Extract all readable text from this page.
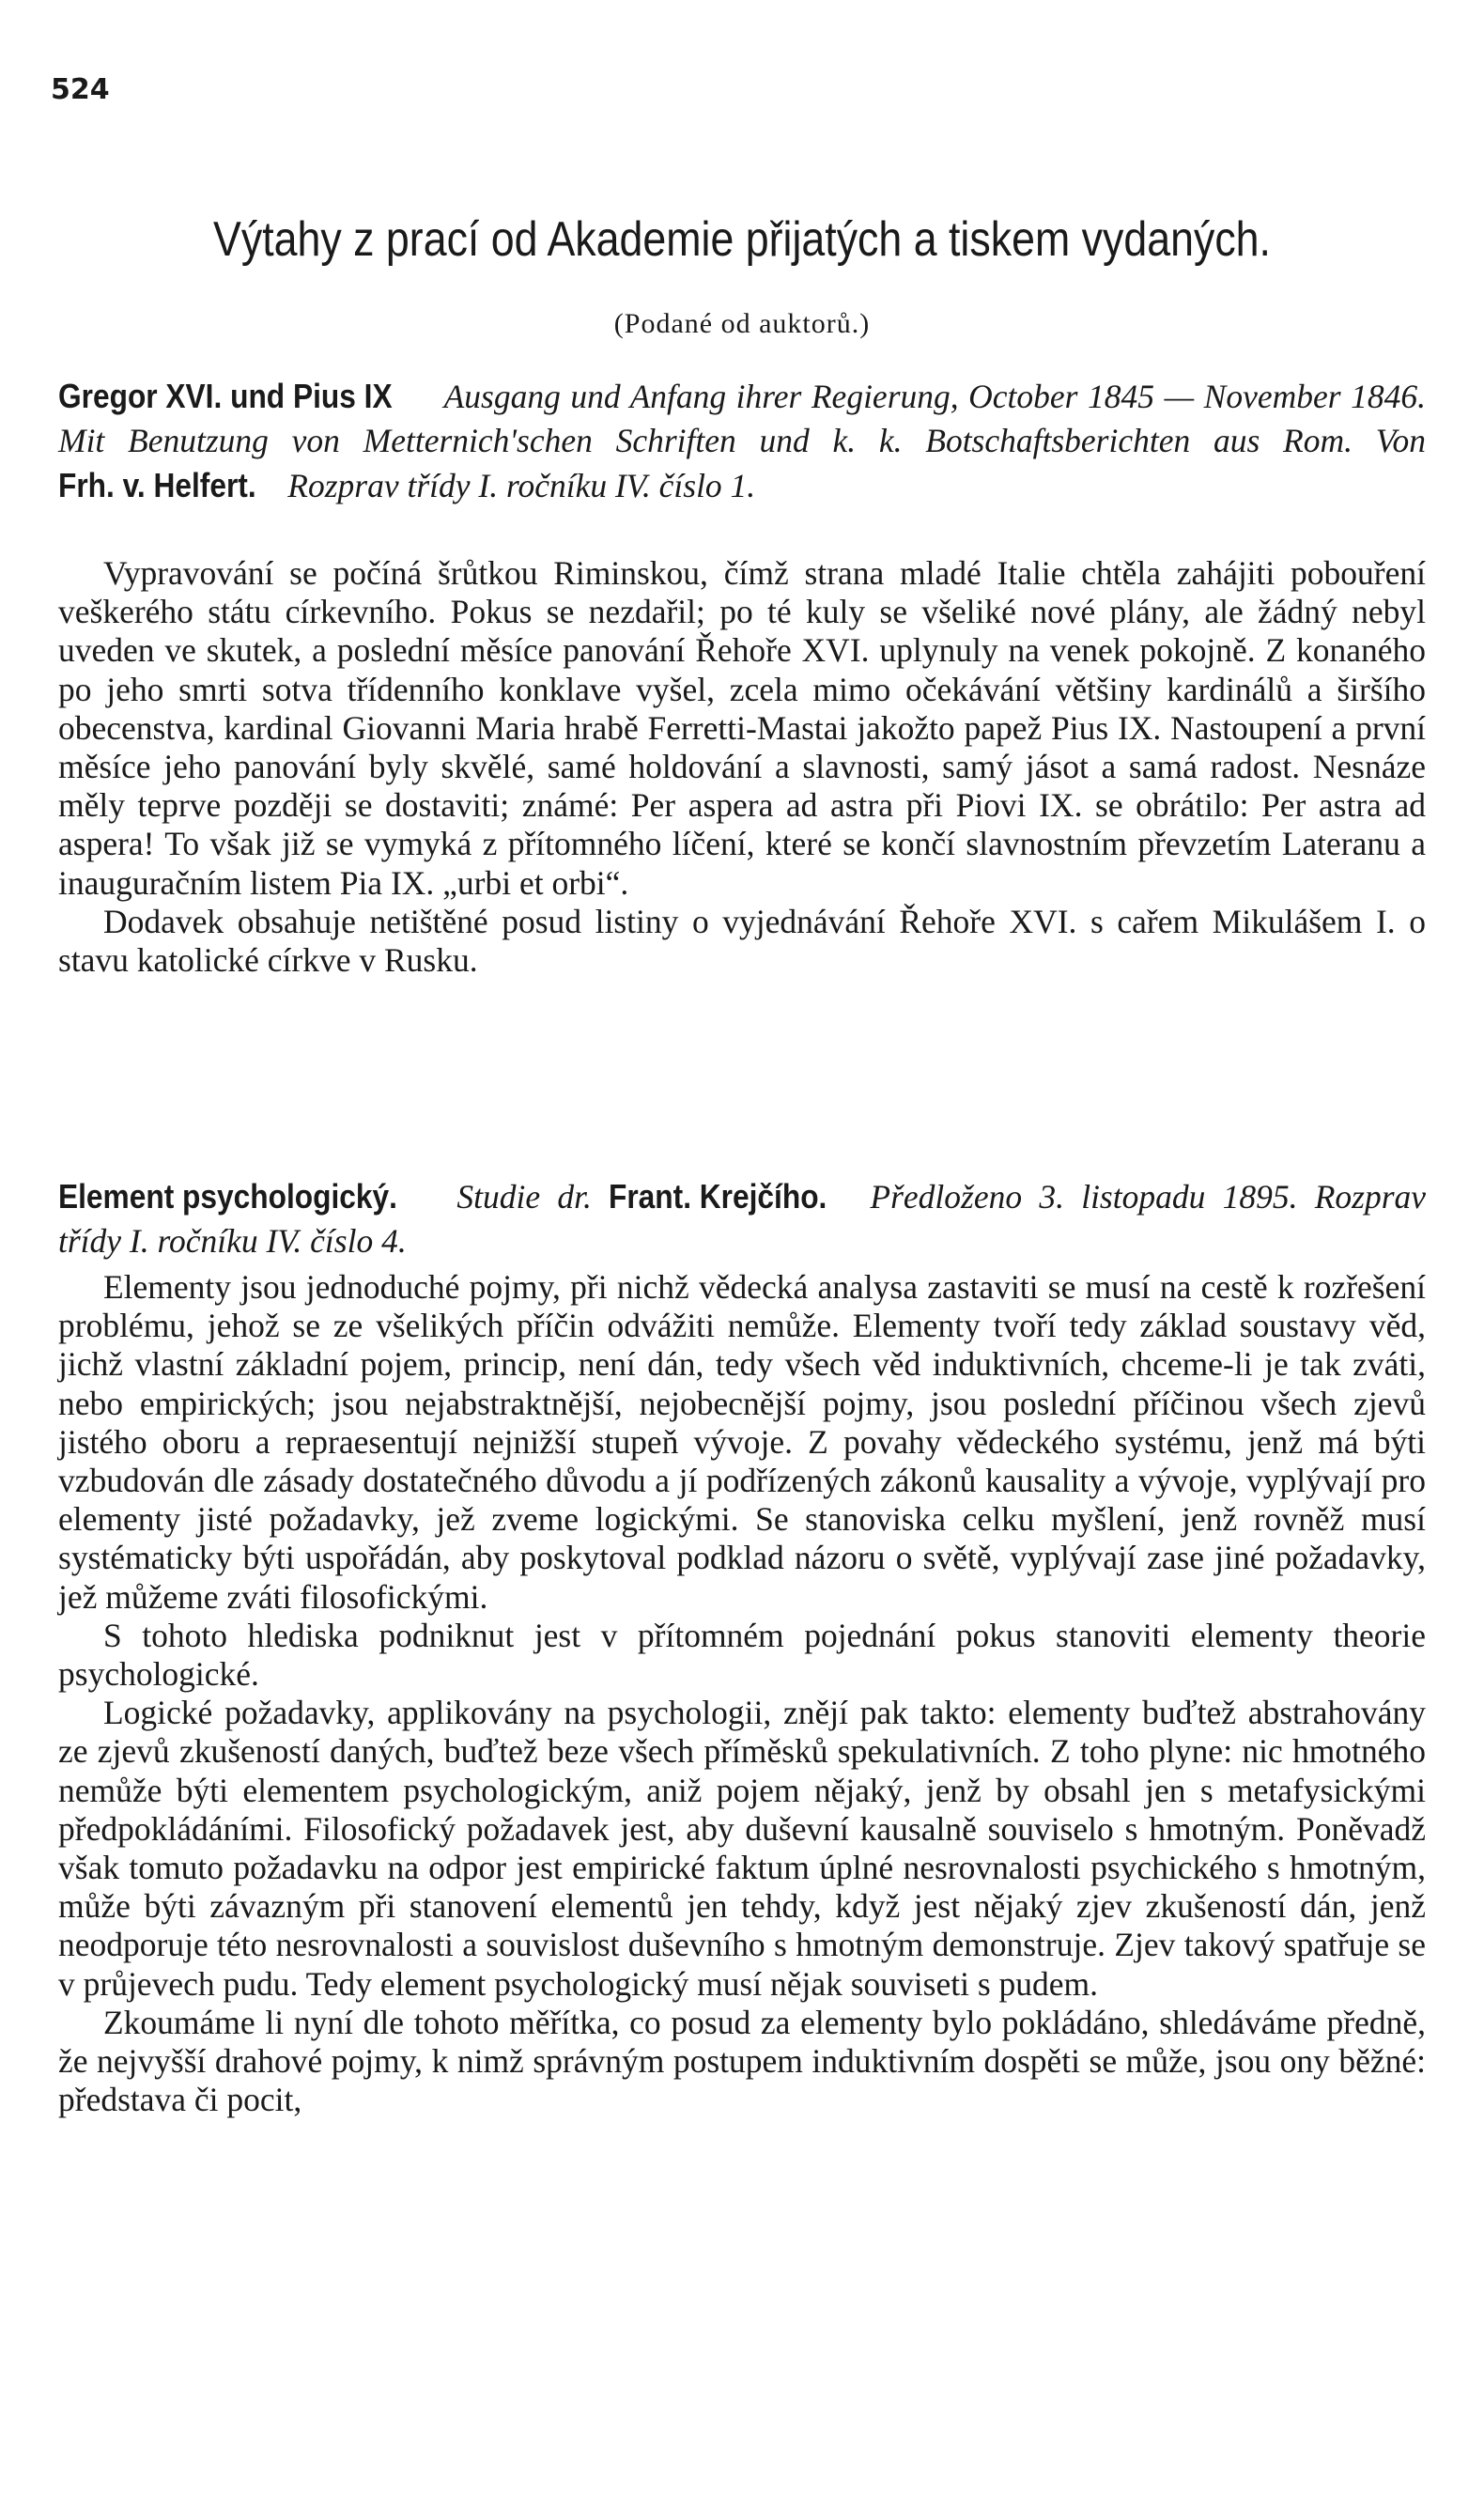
524
Výtahy z prací od Akademie přijatých a tiskem vydaných.
(Podané od auktorů.)

Gregor XVI. und Pius IX Ausgang und Anfang ihrer Regierung, October 1845 — November 1846. Mit Benutzung von Metternich'schen Schriften und k. k. Botschaftsberichten aus Rom. Von Frh. v. Helfert. Rozprav třídy I. ročníku IV. číslo 1.

Vypravování se počíná šrůtkou Riminskou, čímž strana mladé Italie chtěla zahájiti pobouření veškerého státu církevního. Pokus se nezdařil; po té kuly se všeliké nové plány, ale žádný nebyl uveden ve skutek, a poslední měsíce panování Řehoře XVI. uplynuly na venek pokojně. Z konaného po jeho smrti sotva třídenního konklave vyšel, zcela mimo očekávání většiny kardinálů a širšího obecenstva, kardinal Giovanni Maria hrabě Ferretti-Mastai jakožto papež Pius IX. Nastoupení a první měsíce jeho panování byly skvělé, samé holdování a slavnosti, samý jásot a samá radost. Nesnáze měly teprve později se dostaviti; známé: Per aspera ad astra při Piovi IX. se obrátilo: Per astra ad aspera! To však již se vymyká z přítomného líčení, které se končí slavnostním převzetím Lateranu a inauguračním listem Pia IX. „urbi et orbi“.

Dodavek obsahuje netištěné posud listiny o vyjednávání Řehoře XVI. s cařem Mikulášem I. o stavu katolické církve v Rusku.

Element psychologický. Studie dr. Frant. Krejčího. Předloženo 3. listopadu 1895. Rozprav třídy I. ročníku IV. číslo 4.

Elementy jsou jednoduché pojmy, při nichž vědecká analysa zastaviti se musí na cestě k rozřešení problému, jehož se ze všelikých příčin odvážiti nemůže. Elementy tvoří tedy základ soustavy věd, jichž vlastní základní pojem, princip, není dán, tedy všech věd induktivních, chceme-li je tak zváti, nebo empirických; jsou nejabstraktnější, nejobecnější pojmy, jsou poslední příčinou všech zjevů jistého oboru a repraesentují nejnižší stupeň vývoje. Z povahy vědeckého systému, jenž má býti vzbudován dle zásady dostatečného důvodu a jí podřízených zákonů kausality a vývoje, vyplývají pro elementy jisté požadavky, jež zveme logickými. Se stanoviska celku myšlení, jenž rovněž musí systématicky býti uspořádán, aby poskytoval podklad názoru o světě, vyplývají zase jiné požadavky, jež můžeme zváti filosofickými.

S tohoto hlediska podniknut jest v přítomném pojednání pokus stanoviti elementy theorie psychologické.

Logické požadavky, applikovány na psychologii, znějí pak takto: elementy buďtež abstrahovány ze zjevů zkušeností daných, buďtež beze všech příměsků spekulativních. Z toho plyne: nic hmotného nemůže býti elementem psychologickým, aniž pojem nějaký, jenž by obsahl jen s metafysickými předpokládáními. Filosofický požadavek jest, aby duševní kausalně souviselo s hmotným. Poněvadž však tomuto požadavku na odpor jest empirické faktum úplné nesrovnalosti psychického s hmotným, může býti závazným při stanovení elementů jen tehdy, když jest nějaký zjev zkušeností dán, jenž neodporuje této nesrovnalosti a souvislost duševního s hmotným demonstruje. Zjev takový spatřuje se v průjevech pudu. Tedy element psychologický musí nějak souviseti s pudem.

Zkoumáme li nyní dle tohoto měřítka, co posud za elementy bylo pokládáno, shledáváme předně, že nejvyšší drahové pojmy, k nimž správným postupem induktivním dospěti se může, jsou ony běžné: představa či pocit,
